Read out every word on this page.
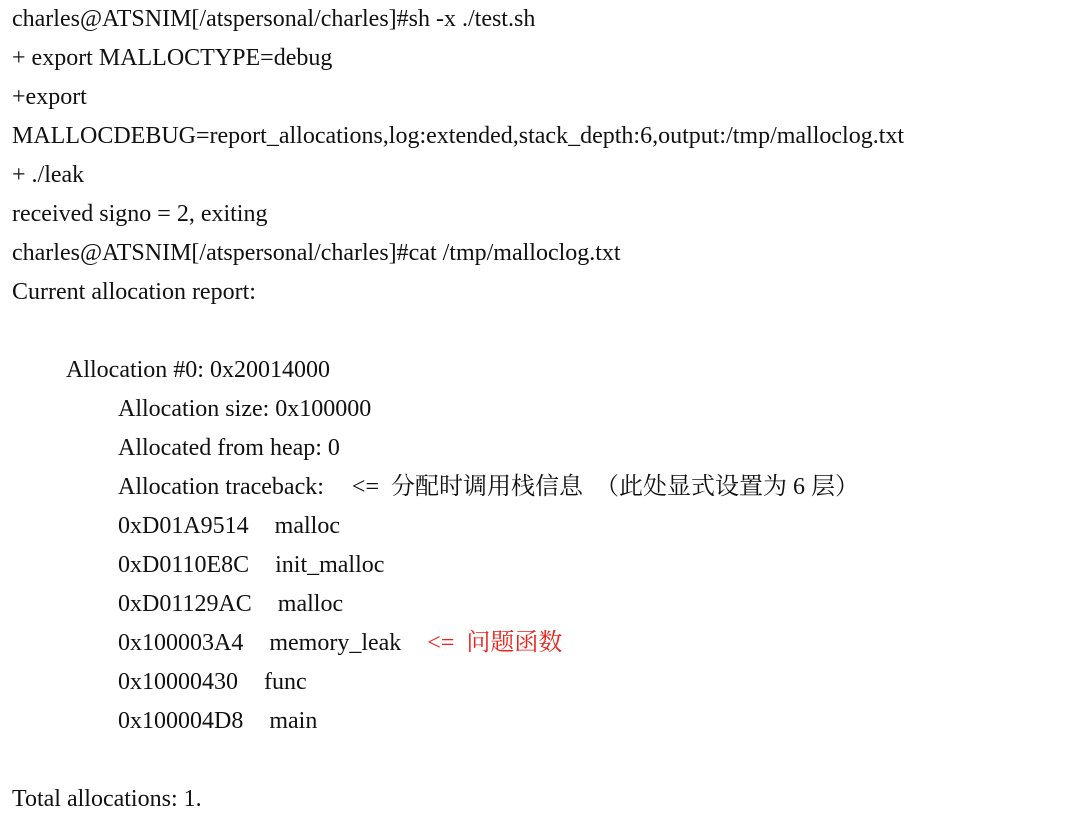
charles@ATSNIM[/atspersonal/charles]#sh -x ./test.sh
+ export MALLOCTYPE=debug
+export
MALLOCDEBUG=report_allocations,log:extended,stack_depth:6,output:/tmp/malloclog.txt
+ ./leak
received signo = 2, exiting
charles@ATSNIM[/atspersonal/charles]#cat /tmp/malloclog.txt
Current allocation report:
Allocation #0: 0x20014000
Allocation size: 0x100000
Allocated from heap: 0
Allocation traceback: <=  分配时调用栈信息  （此处显式设置为 6 层）
0xD01A9514 malloc
0xD0110E8C init_malloc
0xD01129AC malloc
0x100003A4 memory_leak <=  问题函数
0x10000430 func
0x100004D8 main
Total allocations: 1.
